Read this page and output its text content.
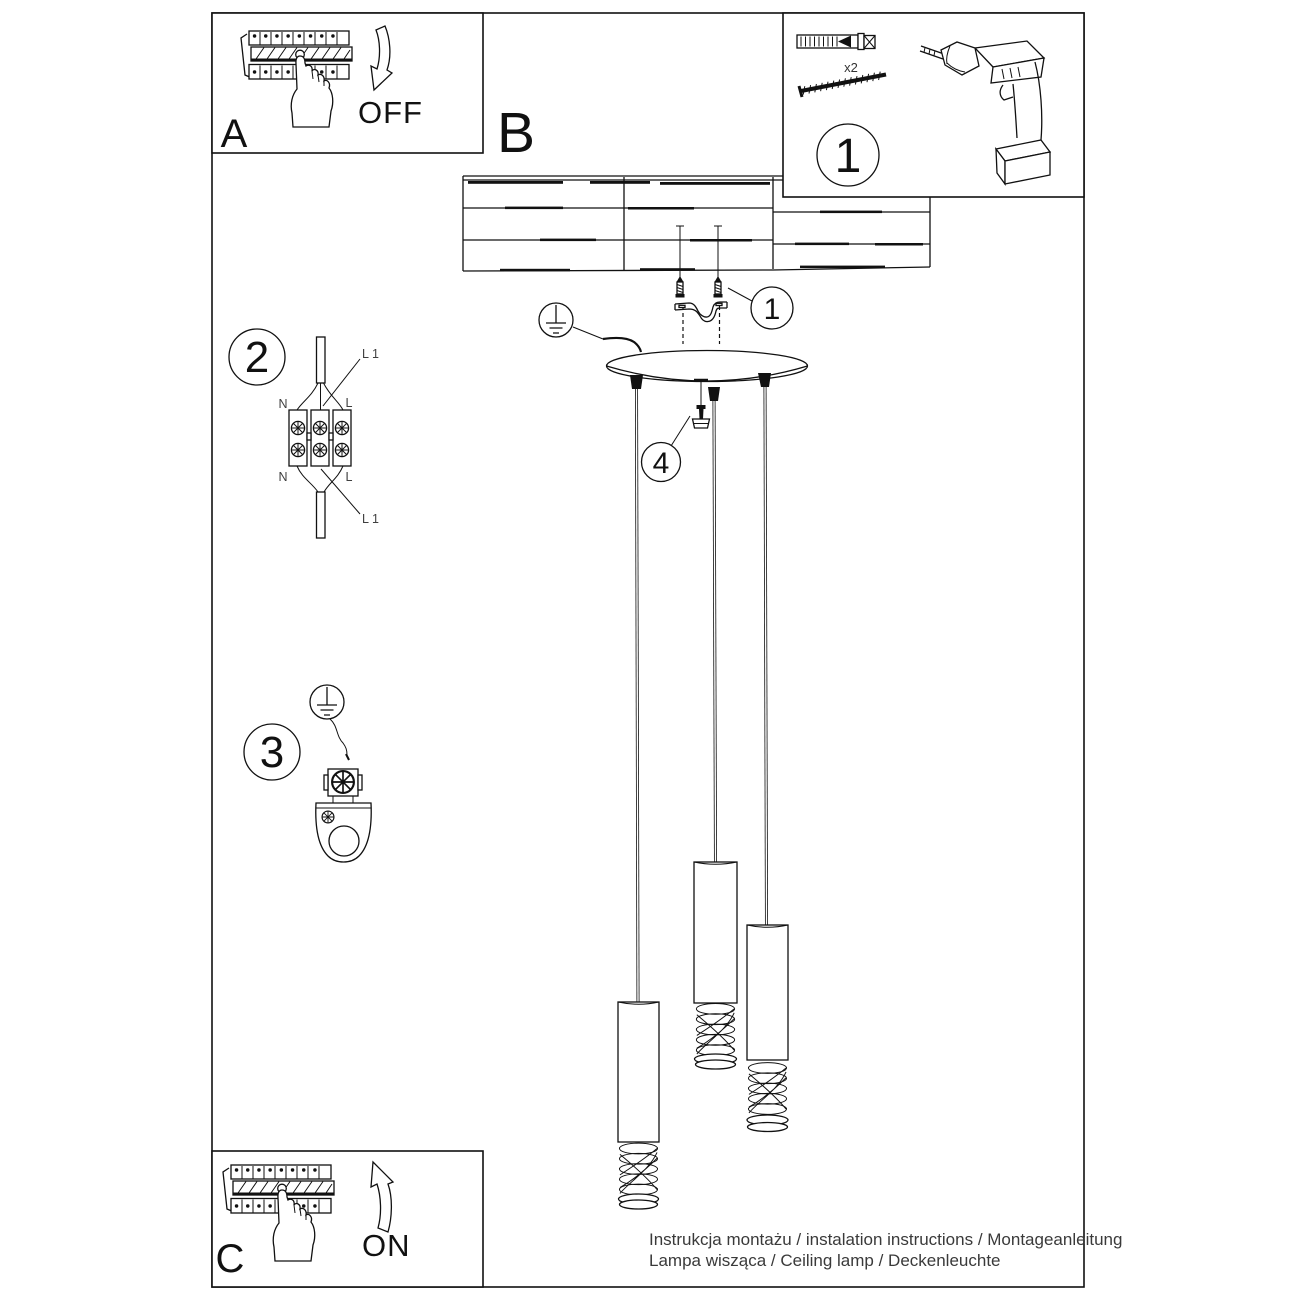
B
x2
1
1
4
2
N	L
L 1
N	L
L 1
3
OFF
A
ON
C	Instrukcja montażu / instalation instructions / Montageanleitung
Lampa wisząca / Ceiling lamp / Deckenleuchte
